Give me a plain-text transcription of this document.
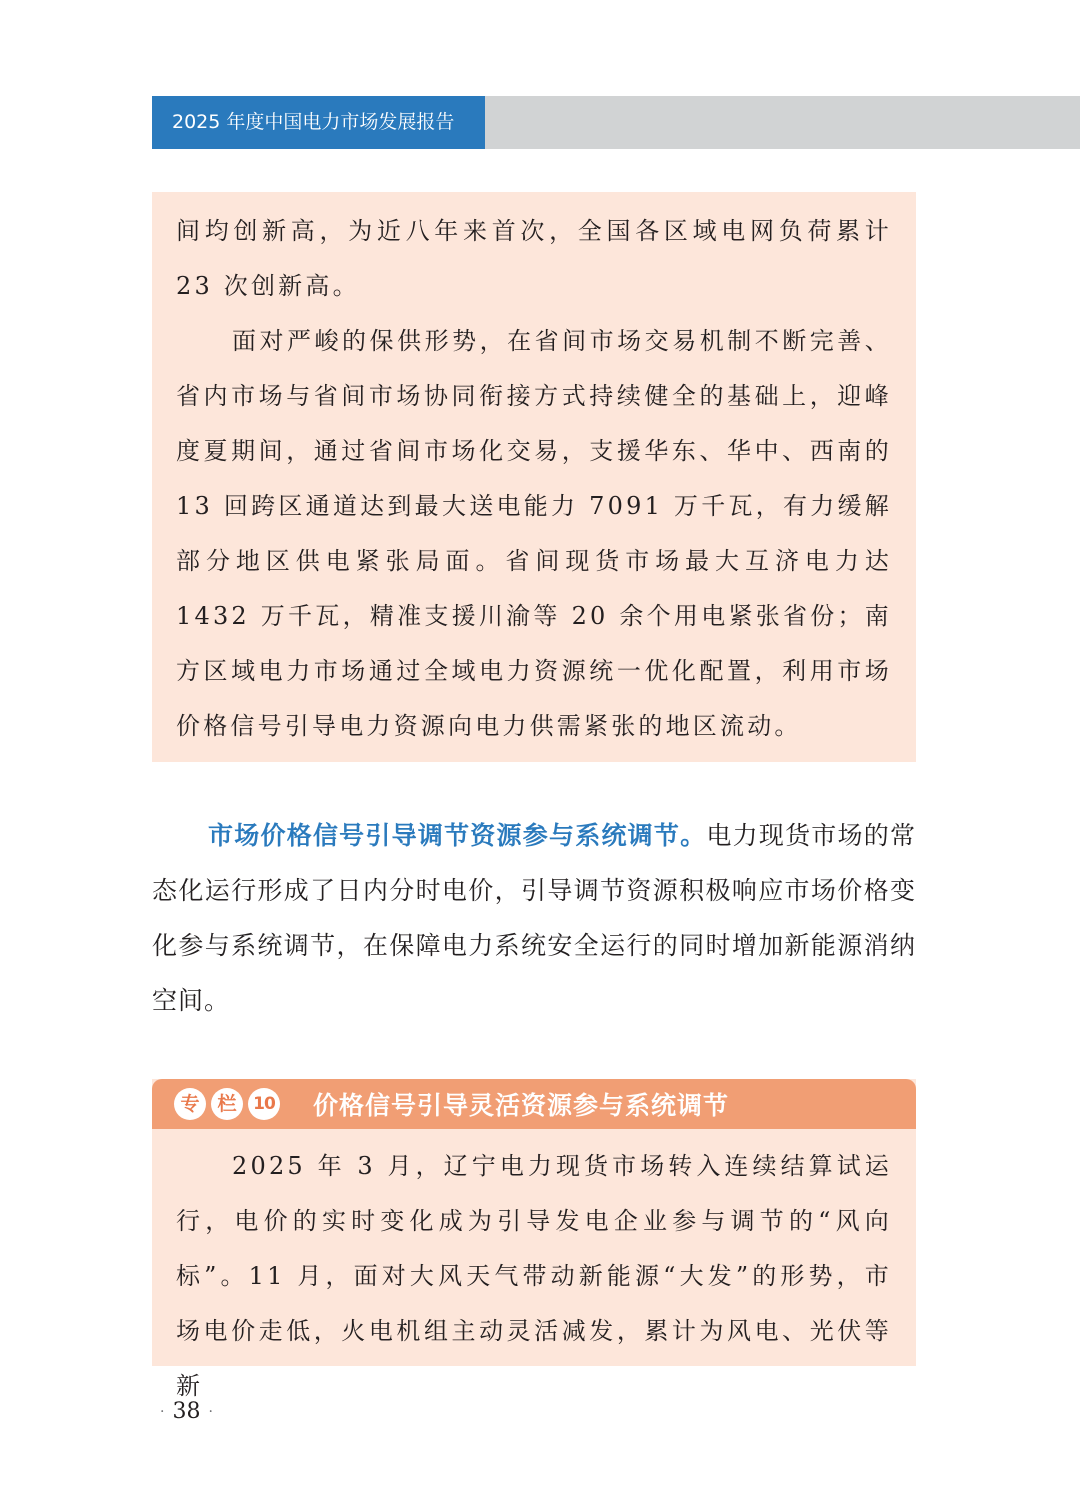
2025 年度中国电力市场发展报告

间均创新高，为近八年来首次，全国各区域电网负荷累计23 次创新高。

面对严峻的保供形势，在省间市场交易机制不断完善、省内市场与省间市场协同衔接方式持续健全的基础上，迎峰度夏期间，通过省间市场化交易，支援华东、华中、西南的 13 回跨区通道达到最大送电能力 7091 万千瓦，有力缓解部分地区供电紧张局面。省间现货市场最大互济电力达 1432 万千瓦，精准支援川渝等 20 余个用电紧张省份；南方区域电力市场通过全域电力资源统一优化配置，利用市场价格信号引导电力资源向电力供需紧张的地区流动。

市场价格信号引导调节资源参与系统调节。电力现货市场的常态化运行形成了日内分时电价，引导调节资源积极响应市场价格变化参与系统调节，在保障电力系统安全运行的同时增加新能源消纳空间。

专 栏 10 价格信号引导灵活资源参与系统调节

2025 年 3 月，辽宁电力现货市场转入连续结算试运行，电价的实时变化成为引导发电企业参与调节的“风向标”。11 月，面对大风天气带动新能源“大发”的形势，市场电价走低，火电机组主动灵活减发，累计为风电、光伏等新

· 38 ·
